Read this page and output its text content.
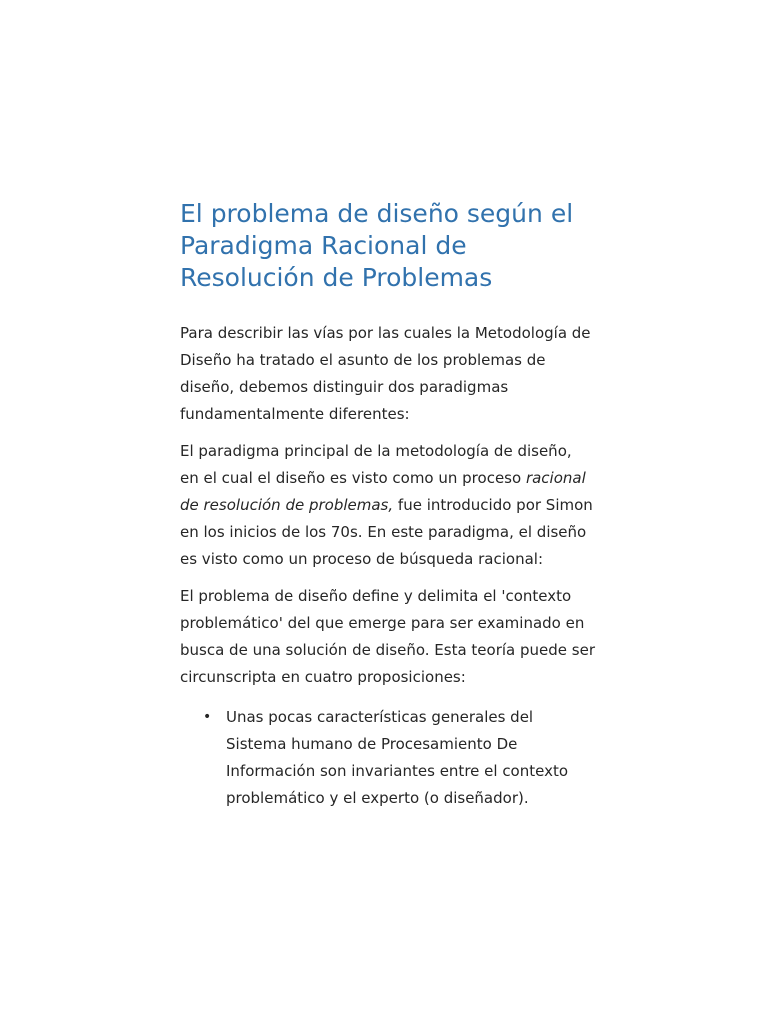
El problema de diseño según el Paradigma Racional de Resolución de Problemas

Para describir las vías por las cuales la Metodología de Diseño ha tratado el asunto de los problemas de diseño, debemos distinguir dos paradigmas fundamentalmente diferentes:

El paradigma principal de la metodología de diseño, en el cual el diseño es visto como un proceso racional de resolución de problemas, fue introducido por Simon en los inicios de los 70s. En este paradigma, el diseño es visto como un proceso de búsqueda racional:

El problema de diseño define y delimita el 'contexto problemático' del que emerge para ser examinado en busca de una solución de diseño. Esta teoría puede ser circunscripta en cuatro proposiciones:

• Unas pocas características generales del Sistema humano de Procesamiento De Información son invariantes entre el contexto problemático y el experto (o diseñador).
